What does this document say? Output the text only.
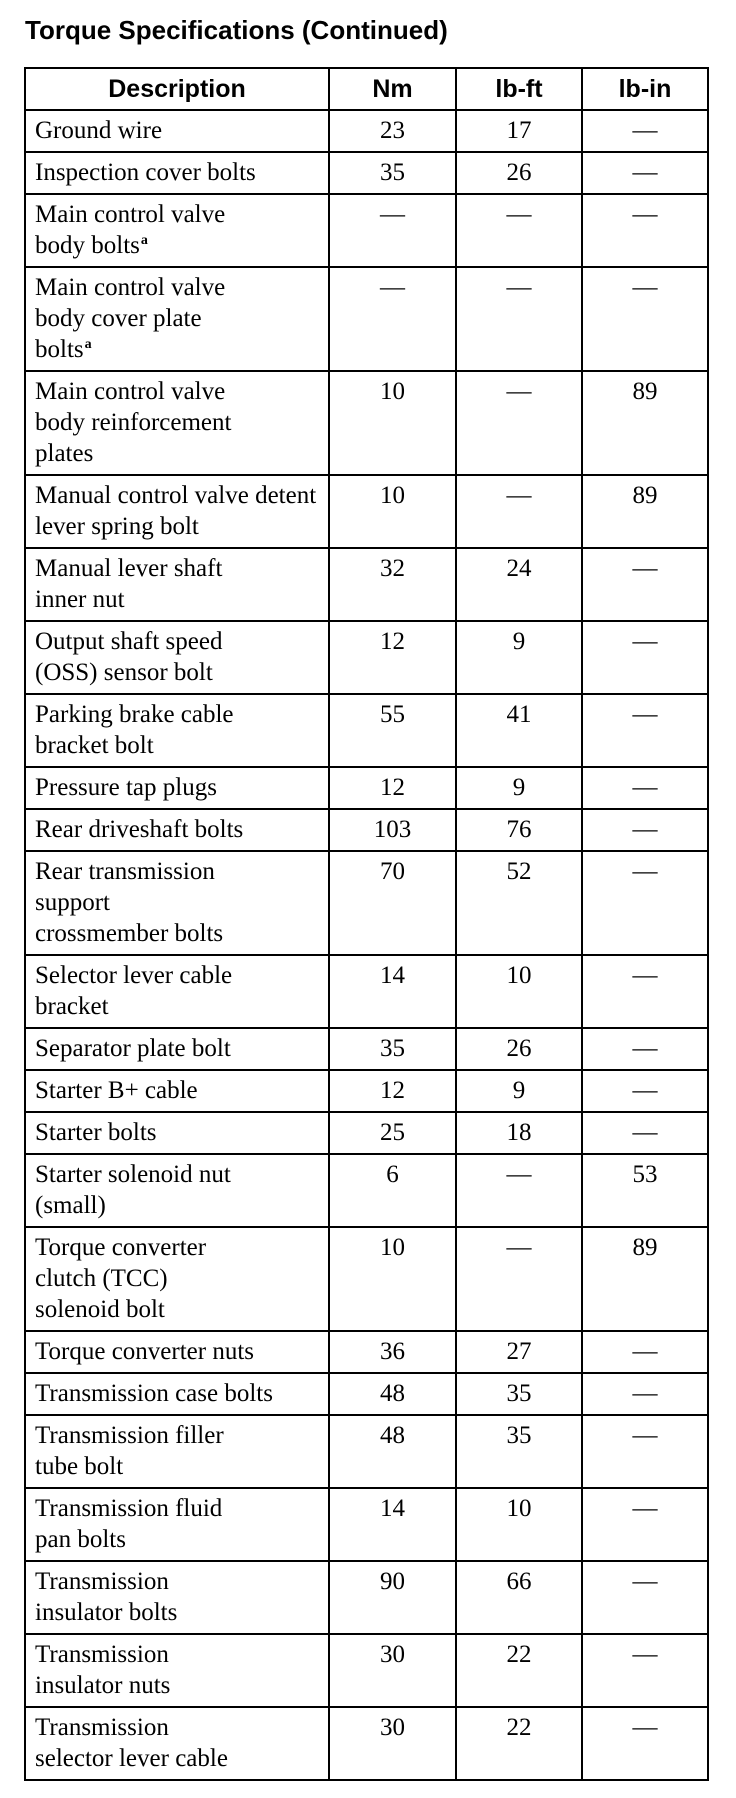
Torque Specifications (Continued)
Description	Nm	lb-ft	lb-in

Ground wire	23	17	—

Inspection cover bolts	35	26	—

Main control valve body bolts$^a$	—	—	—

Main control valve body cover plate bolts$^a$	—	—	—

Main control valve body reinforcement plates	10	—	89

Manual control valve detent lever spring bolt	10	—	89

Manual lever shaft inner nut	32	24	—

Output shaft speed (OSS) sensor bolt	12	9	—

Parking brake cable bracket bolt	55	41	—

Pressure tap plugs	12	9	—

Rear driveshaft bolts	103	76	—

Rear transmission support crossmember bolts	70	52	—

Selector lever cable bracket	14	10	—

Separator plate bolt	35	26	—

Starter B+ cable	12	9	—

Starter bolts	25	18	—

Starter solenoid nut (small)	6	—	53

Torque converter clutch (TCC) solenoid bolt	10	—	89

Torque converter nuts	36	27	—

Transmission case bolts	48	35	—

Transmission filler tube bolt	48	35	—

Transmission fluid pan bolts	14	10	—

Transmission insulator bolts	90	66	—

Transmission insulator nuts	30	22	—

Transmission selector lever cable	30	22	—
